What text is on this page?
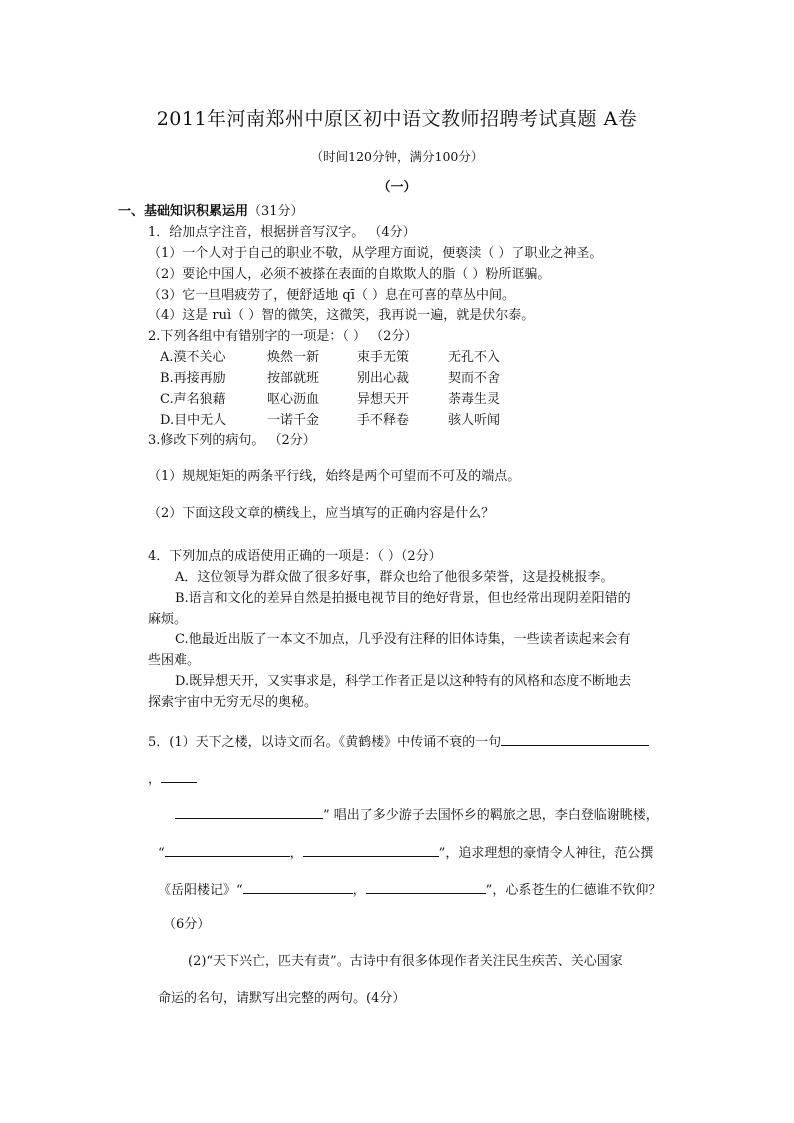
2011年河南郑州中原区初中语文教师招聘考试真题 A卷
（时间120分钟，满分100分）
（一）
一、基础知识积累运用（31分）
1．给加点字注音，根据拼音写汉字。 （4分）
（1）一个人对于自己的职业不敬，从学理方面说，便亵渎（ ）了职业之神圣。
（2）要论中国人，必须不被搽在表面的自欺欺人的脂（ ）粉所诓骗。
（3）它一旦唱疲劳了，便舒适地 qī（ ）息在可喜的草丛中间。
（4）这是 ruì（ ）智的微笑，这微笑，我再说一遍，就是伏尔泰。
2.下列各组中有错别字的一项是：（ ） （2分）
A.漠不关心	焕然一新	束手无策	无孔不入
B.再接再励	按部就班	别出心裁	契而不舍
C.声名狼藉	呕心沥血	异想天开	荼毒生灵
D.目中无人	一诺千金	手不释卷	骇人听闻
3.修改下列的病句。 （2分）
（1）规规矩矩的两条平行线，始终是两个可望而不可及的端点。
（2）下面这段文章的横线上，应当填写的正确内容是什么？
4．下列加点的成语使用正确的一项是：（ ）（2分）
A．这位领导为群众做了很多好事，群众也给了他很多荣誉，这是投桃报李。
B.语言和文化的差异自然是拍摄电视节目的绝好背景，但也经常出现阴差阳错的
麻烦。
C.他最近出版了一本文不加点，几乎没有注释的旧体诗集，一些读者读起来会有
些困难。
D.既异想天开，又实事求是，科学工作者正是以这种特有的风格和态度不断地去
探索宇宙中无穷无尽的奥秘。
5．(1）天下之楼，以诗文而名。《黄鹤楼》中传诵不衰的一句
，
” 唱出了多少游子去国怀乡的羁旅之思，李白登临谢眺楼，
“	，	”，追求理想的豪情令人神往，范公撰
《岳阳楼记》“	，	”，心系苍生的仁德谁不钦仰？
（6分）
(2)“天下兴亡，匹夫有责”。古诗中有很多体现作者关注民生疾苦、关心国家
命运的名句，请默写出完整的两句。(4分）
